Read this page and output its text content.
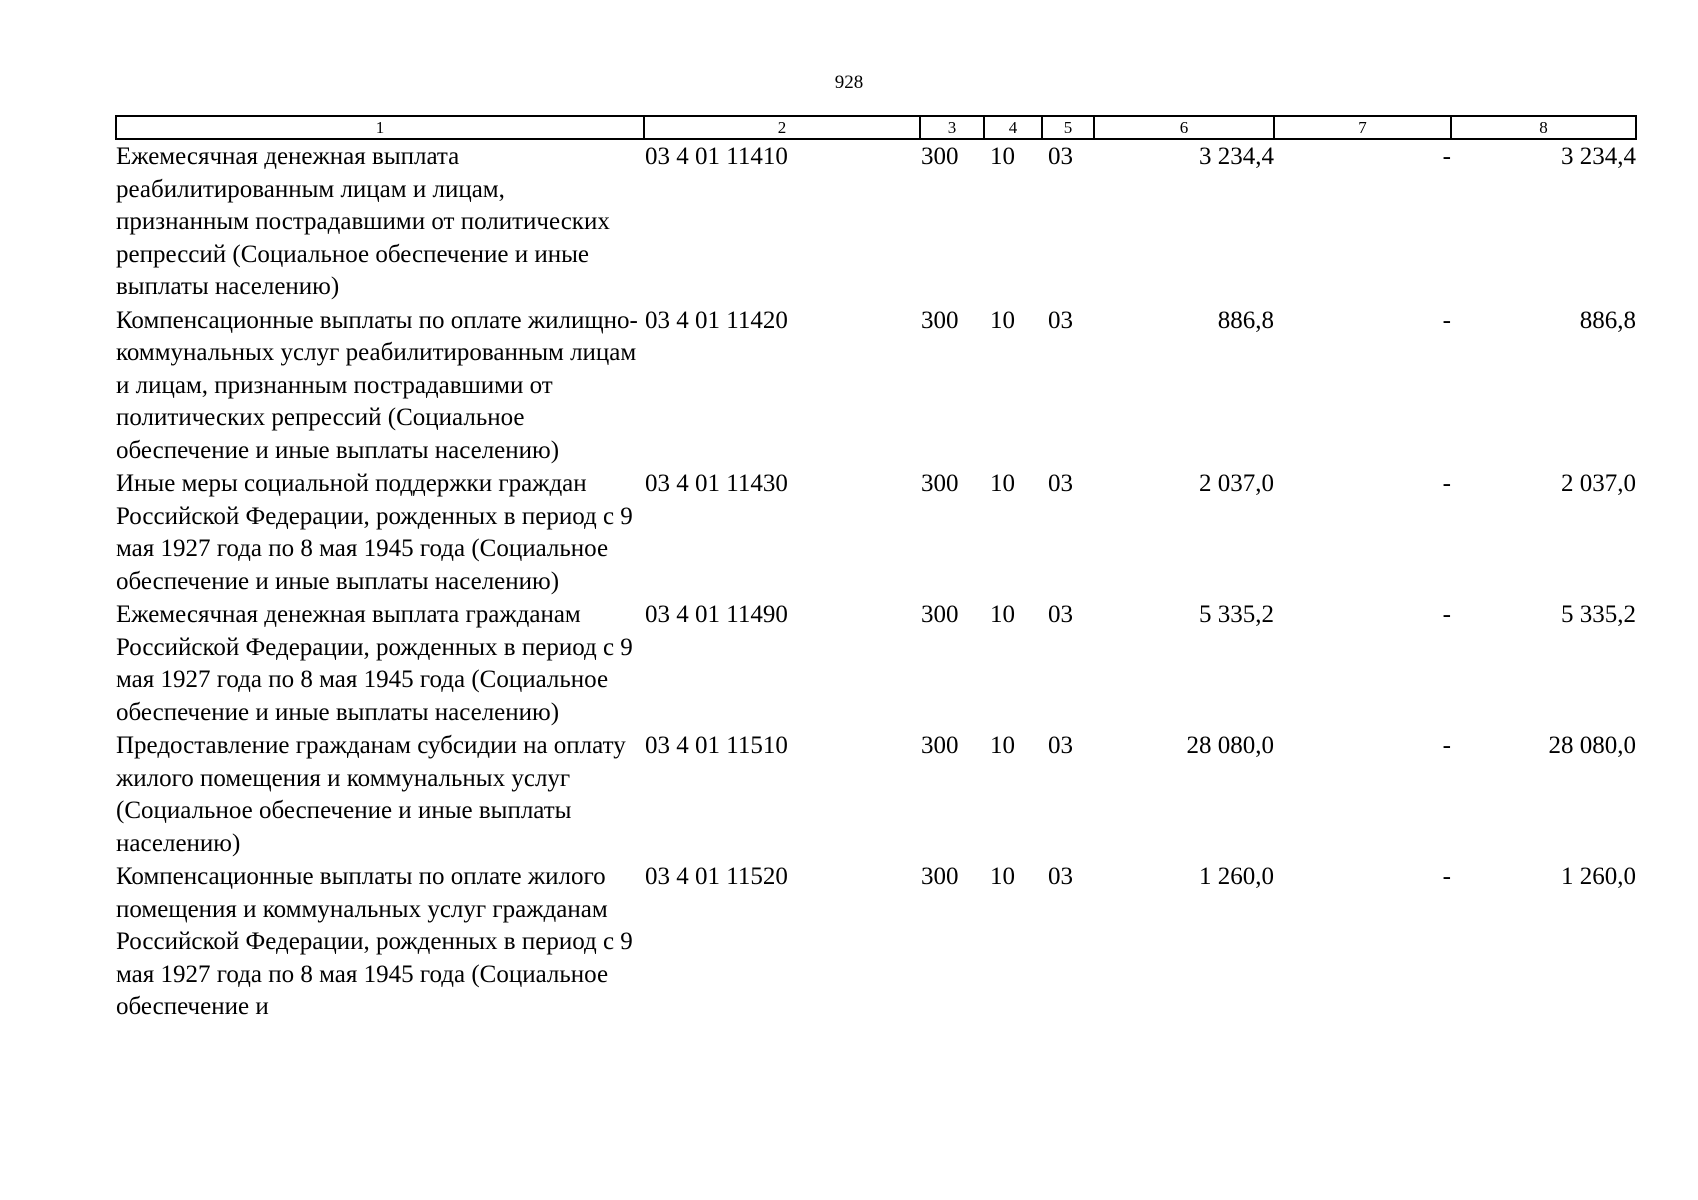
928
1	2	3	4	5	6	7	8
Ежемесячная денежная выплата реабилитированным лицам и лицам, признанным пострадавшими от политических репрессий (Социальное обеспечение и иные выплаты населению)	03 4 01 11410	300	10	03	3 234,4	-	3 234,4
Компенсационные выплаты по оплате жилищно-коммунальных услуг реабилитированным лицам и лицам, признанным пострадавшими от политических репрессий (Социальное обеспечение и иные выплаты населению)	03 4 01 11420	300	10	03	886,8	-	886,8
Иные меры социальной поддержки граждан Российской Федерации, рожденных в период с 9 мая 1927 года по 8 мая 1945 года (Социальное обеспечение и иные выплаты населению)	03 4 01 11430	300	10	03	2 037,0	-	2 037,0
Ежемесячная денежная выплата гражданам Российской Федерации, рожденных в период с 9 мая 1927 года по 8 мая 1945 года (Социальное обеспечение и иные выплаты населению)	03 4 01 11490	300	10	03	5 335,2	-	5 335,2
Предоставление гражданам субсидии на оплату жилого помещения и коммунальных услуг (Социальное обеспечение и иные выплаты населению)	03 4 01 11510	300	10	03	28 080,0	-	28 080,0
Компенсационные выплаты по оплате жилого помещения и коммунальных услуг гражданам Российской Федерации, рожденных в период с 9 мая 1927 года по 8 мая 1945 года (Социальное обеспечение и	03 4 01 11520	300	10	03	1 260,0	-	1 260,0
